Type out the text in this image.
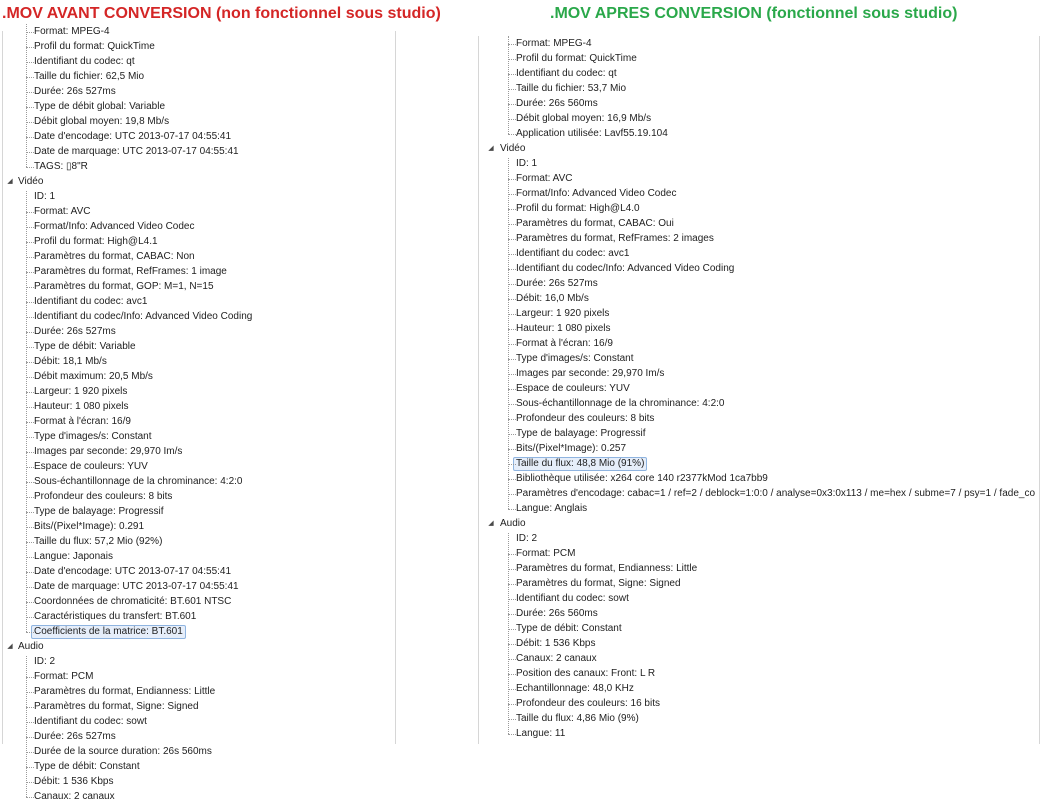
.MOV AVANT CONVERSION (non fonctionnel sous studio)	.MOV APRES CONVERSION (fonctionnel sous studio)
Format: MPEG-4
Profil du format: QuickTime
Identifiant du codec: qt
Taille du fichier: 62,5 Mio
Durée: 26s 527ms
Type de débit global: Variable
Débit global moyen: 19,8 Mb/s
Date d'encodage: UTC 2013-07-17 04:55:41
Date de marquage: UTC 2013-07-17 04:55:41
TAGS: ▯8"R
◢ Vidéo
ID: 1
Format: AVC
Format/Info: Advanced Video Codec
Profil du format: High@L4.1
Paramètres du format, CABAC: Non
Paramètres du format, RefFrames: 1 image
Paramètres du format, GOP: M=1, N=15
Identifiant du codec: avc1
Identifiant du codec/Info: Advanced Video Coding
Durée: 26s 527ms
Type de débit: Variable
Débit: 18,1 Mb/s
Débit maximum: 20,5 Mb/s
Largeur: 1 920 pixels
Hauteur: 1 080 pixels
Format à l'écran: 16/9
Type d'images/s: Constant
Images par seconde: 29,970 Im/s
Espace de couleurs: YUV
Sous-échantillonnage de la chrominance: 4:2:0
Profondeur des couleurs: 8 bits
Type de balayage: Progressif
Bits/(Pixel*Image): 0.291
Taille du flux: 57,2 Mio (92%)
Langue: Japonais
Date d'encodage: UTC 2013-07-17 04:55:41
Date de marquage: UTC 2013-07-17 04:55:41
Coordonnées de chromaticité: BT.601 NTSC
Caractéristiques du transfert: BT.601
Coefficients de la matrice: BT.601
◢ Audio
ID: 2
Format: PCM
Paramètres du format, Endianness: Little
Paramètres du format, Signe: Signed
Identifiant du codec: sowt
Durée: 26s 527ms
Durée de la source duration: 26s 560ms
Type de débit: Constant
Débit: 1 536 Kbps
Canaux: 2 canaux
Format: MPEG-4
Profil du format: QuickTime
Identifiant du codec: qt
Taille du fichier: 53,7 Mio
Durée: 26s 560ms
Débit global moyen: 16,9 Mb/s
Application utilisée: Lavf55.19.104
◢ Vidéo
ID: 1
Format: AVC
Format/Info: Advanced Video Codec
Profil du format: High@L4.0
Paramètres du format, CABAC: Oui
Paramètres du format, RefFrames: 2 images
Identifiant du codec: avc1
Identifiant du codec/Info: Advanced Video Coding
Durée: 26s 527ms
Débit: 16,0 Mb/s
Largeur: 1 920 pixels
Hauteur: 1 080 pixels
Format à l'écran: 16/9
Type d'images/s: Constant
Images par seconde: 29,970 Im/s
Espace de couleurs: YUV
Sous-échantillonnage de la chrominance: 4:2:0
Profondeur des couleurs: 8 bits
Type de balayage: Progressif
Bits/(Pixel*Image): 0.257
Taille du flux: 48,8 Mio (91%)
Bibliothèque utilisée: x264 core 140 r2377kMod 1ca7bb9
Paramètres d'encodage: cabac=1 / ref=2 / deblock=1:0:0 / analyse=0x3:0x113 / me=hex / subme=7 / psy=1 / fade_co
Langue: Anglais
◢ Audio
ID: 2
Format: PCM
Paramètres du format, Endianness: Little
Paramètres du format, Signe: Signed
Identifiant du codec: sowt
Durée: 26s 560ms
Type de débit: Constant
Débit: 1 536 Kbps
Canaux: 2 canaux
Position des canaux: Front: L R
Echantillonnage: 48,0 KHz
Profondeur des couleurs: 16 bits
Taille du flux: 4,86 Mio (9%)
Langue: 11
